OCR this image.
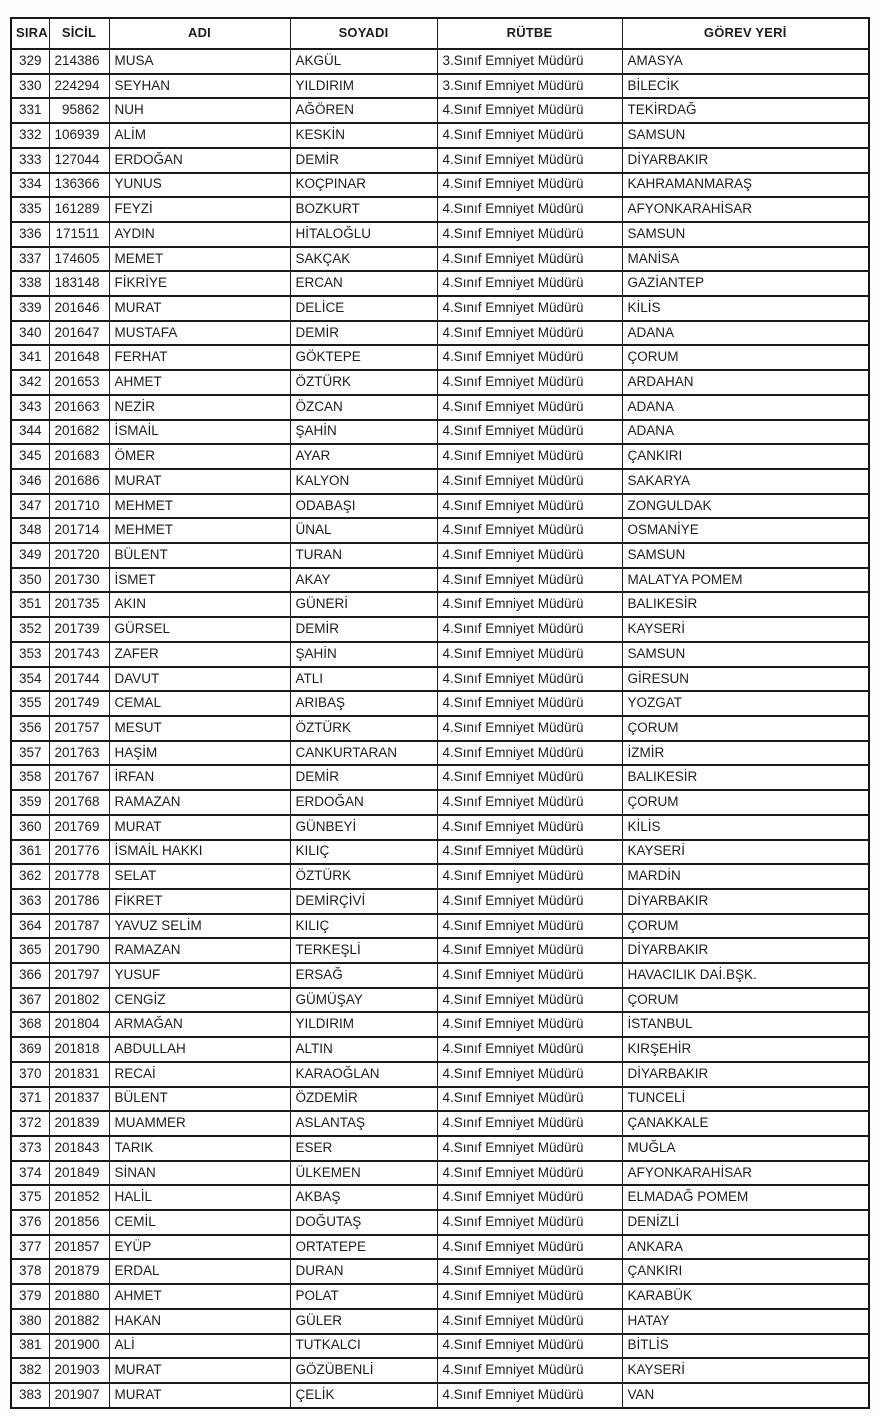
SIRA	SİCİL	ADI	SOYADI	RÜTBE	GÖREV YERİ
329	214386	MUSA	AKGÜL	3.Sınıf Emniyet Müdürü	AMASYA
330	224294	SEYHAN	YILDIRIM	3.Sınıf Emniyet Müdürü	BİLECİK
331	95862	NUH	AĞÖREN	4.Sınıf Emniyet Müdürü	TEKİRDAĞ
332	106939	ALİM	KESKİN	4.Sınıf Emniyet Müdürü	SAMSUN
333	127044	ERDOĞAN	DEMİR	4.Sınıf Emniyet Müdürü	DİYARBAKIR
334	136366	YUNUS	KOÇPINAR	4.Sınıf Emniyet Müdürü	KAHRAMANMARAŞ
335	161289	FEYZİ	BOZKURT	4.Sınıf Emniyet Müdürü	AFYONKARAHİSAR
336	171511	AYDIN	HİTALOĞLU	4.Sınıf Emniyet Müdürü	SAMSUN
337	174605	MEMET	SAKÇAK	4.Sınıf Emniyet Müdürü	MANİSA
338	183148	FİKRİYE	ERCAN	4.Sınıf Emniyet Müdürü	GAZİANTEP
339	201646	MURAT	DELİCE	4.Sınıf Emniyet Müdürü	KİLİS
340	201647	MUSTAFA	DEMİR	4.Sınıf Emniyet Müdürü	ADANA
341	201648	FERHAT	GÖKTEPE	4.Sınıf Emniyet Müdürü	ÇORUM
342	201653	AHMET	ÖZTÜRK	4.Sınıf Emniyet Müdürü	ARDAHAN
343	201663	NEZİR	ÖZCAN	4.Sınıf Emniyet Müdürü	ADANA
344	201682	İSMAİL	ŞAHİN	4.Sınıf Emniyet Müdürü	ADANA
345	201683	ÖMER	AYAR	4.Sınıf Emniyet Müdürü	ÇANKIRI
346	201686	MURAT	KALYON	4.Sınıf Emniyet Müdürü	SAKARYA
347	201710	MEHMET	ODABAŞI	4.Sınıf Emniyet Müdürü	ZONGULDAK
348	201714	MEHMET	ÜNAL	4.Sınıf Emniyet Müdürü	OSMANİYE
349	201720	BÜLENT	TURAN	4.Sınıf Emniyet Müdürü	SAMSUN
350	201730	İSMET	AKAY	4.Sınıf Emniyet Müdürü	MALATYA POMEM
351	201735	AKIN	GÜNERİ	4.Sınıf Emniyet Müdürü	BALIKESİR
352	201739	GÜRSEL	DEMİR	4.Sınıf Emniyet Müdürü	KAYSERİ
353	201743	ZAFER	ŞAHİN	4.Sınıf Emniyet Müdürü	SAMSUN
354	201744	DAVUT	ATLI	4.Sınıf Emniyet Müdürü	GİRESUN
355	201749	CEMAL	ARIBAŞ	4.Sınıf Emniyet Müdürü	YOZGAT
356	201757	MESUT	ÖZTÜRK	4.Sınıf Emniyet Müdürü	ÇORUM
357	201763	HAŞİM	CANKURTARAN	4.Sınıf Emniyet Müdürü	İZMİR
358	201767	İRFAN	DEMİR	4.Sınıf Emniyet Müdürü	BALIKESİR
359	201768	RAMAZAN	ERDOĞAN	4.Sınıf Emniyet Müdürü	ÇORUM
360	201769	MURAT	GÜNBEYİ	4.Sınıf Emniyet Müdürü	KİLİS
361	201776	İSMAİL HAKKI	KILIÇ	4.Sınıf Emniyet Müdürü	KAYSERİ
362	201778	SELAT	ÖZTÜRK	4.Sınıf Emniyet Müdürü	MARDİN
363	201786	FİKRET	DEMİRÇİVİ	4.Sınıf Emniyet Müdürü	DİYARBAKIR
364	201787	YAVUZ SELİM	KILIÇ	4.Sınıf Emniyet Müdürü	ÇORUM
365	201790	RAMAZAN	TERKEŞLİ	4.Sınıf Emniyet Müdürü	DİYARBAKIR
366	201797	YUSUF	ERSAĞ	4.Sınıf Emniyet Müdürü	HAVACILIK DAİ.BŞK.
367	201802	CENGİZ	GÜMÜŞAY	4.Sınıf Emniyet Müdürü	ÇORUM
368	201804	ARMAĞAN	YILDIRIM	4.Sınıf Emniyet Müdürü	İSTANBUL
369	201818	ABDULLAH	ALTIN	4.Sınıf Emniyet Müdürü	KIRŞEHİR
370	201831	RECAİ	KARAOĞLAN	4.Sınıf Emniyet Müdürü	DİYARBAKIR
371	201837	BÜLENT	ÖZDEMİR	4.Sınıf Emniyet Müdürü	TUNCELİ
372	201839	MUAMMER	ASLANTAŞ	4.Sınıf Emniyet Müdürü	ÇANAKKALE
373	201843	TARIK	ESER	4.Sınıf Emniyet Müdürü	MUĞLA
374	201849	SİNAN	ÜLKEMEN	4.Sınıf Emniyet Müdürü	AFYONKARAHİSAR
375	201852	HALİL	AKBAŞ	4.Sınıf Emniyet Müdürü	ELMADAĞ POMEM
376	201856	CEMİL	DOĞUTAŞ	4.Sınıf Emniyet Müdürü	DENİZLİ
377	201857	EYÜP	ORTATEPE	4.Sınıf Emniyet Müdürü	ANKARA
378	201879	ERDAL	DURAN	4.Sınıf Emniyet Müdürü	ÇANKIRI
379	201880	AHMET	POLAT	4.Sınıf Emniyet Müdürü	KARABÜK
380	201882	HAKAN	GÜLER	4.Sınıf Emniyet Müdürü	HATAY
381	201900	ALİ	TUTKALCI	4.Sınıf Emniyet Müdürü	BİTLİS
382	201903	MURAT	GÖZÜBENLİ	4.Sınıf Emniyet Müdürü	KAYSERİ
383	201907	MURAT	ÇELİK	4.Sınıf Emniyet Müdürü	VAN
